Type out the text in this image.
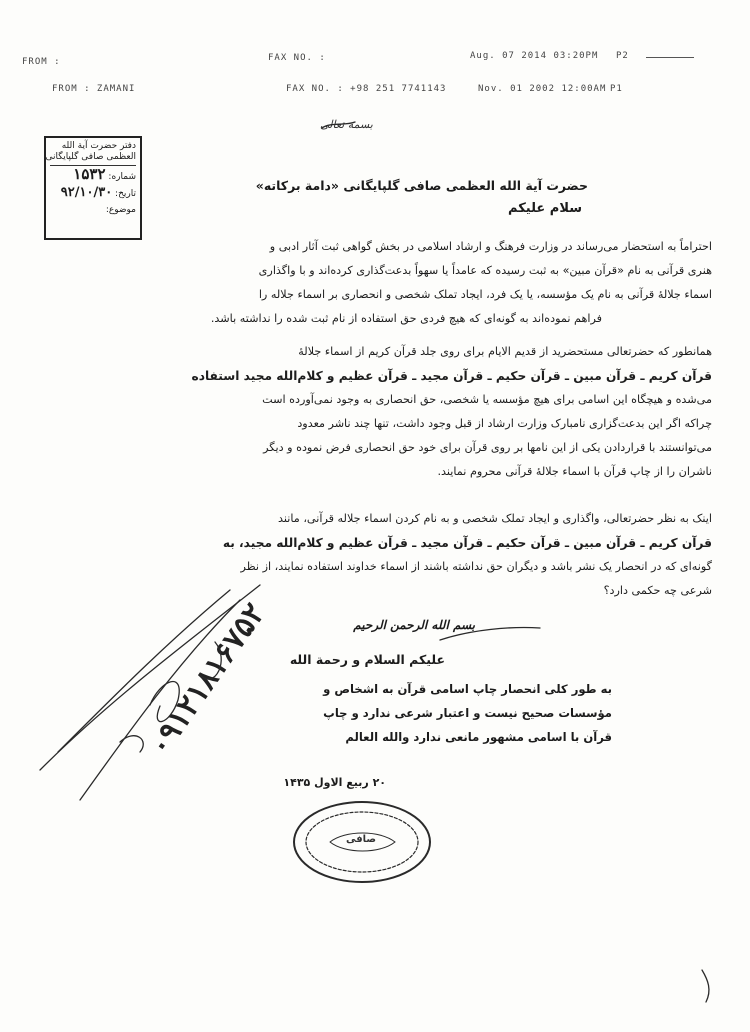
FROM :	FAX NO. :	Aug. 07 2014 03:20PM P2
FROM : ZAMANI	FAX NO. : +98 251 7741143	Nov. 01 2002 12:00AM P1
بسمه تعالی
دفتر حضرت آیة الله
العظمی صافی گلپایگانی
شماره: ۱۵۳۲
تاریخ: ۹۲/۱۰/۳۰
موضوع:
حضرت آية الله العظمى صافى گلپايگانى «دامة بركاته»
سلام عليكم
احتراماً به استحضار می‌رساند در وزارت فرهنگ و ارشاد اسلامی در بخش گواهی ثبت آثار ادبی و
هنری قرآنی به نام «قرآن مبین» به ثبت رسیده که عامداً یا سهواً بدعت‌گذاری کرده‌اند و با واگذاری
اسماء جلالهٔ قرآنی به نام یک مؤسسه، یا یک فرد، ایجاد تملک شخصی و انحصاری بر اسماء جلاله را
فراهم نموده‌اند به گونه‌ای که هیچ فردی حق استفاده از نام ثبت شده را نداشته باشد.
همانطور که حضرتعالی مستحضرید از قدیم الایام برای روی جلد قرآن کریم از اسماء جلالهٔ
قرآن کریم ـ قرآن مبین ـ قرآن حکیم ـ قرآن مجید ـ قرآن عظیم و کلام‌الله مجید استفاده
می‌شده و هیچگاه این اسامی برای هیچ مؤسسه یا شخصی، حق انحصاری به وجود نمی‌آورده است
چراکه اگر این بدعت‌گزاری نامبارک وزارت ارشاد از قبل وجود داشت، تنها چند ناشر معدود
می‌توانستند با قراردادن یکی از این نامها بر روی قرآن برای خود حق انحصاری فرض نموده و دیگر
ناشران را از چاپ قرآن با اسماء جلالهٔ قرآنی محروم نمایند.
اینک به نظر حضرتعالی، واگذاری و ایجاد تملک شخصی و به نام کردن اسماء جلاله قرآنی، مانند
قرآن کریم ـ قرآن مبین ـ قرآن حکیم ـ قرآن مجید ـ قرآن عظیم و کلام‌الله مجید، به
گونه‌ای که در انحصار یک نشر باشد و دیگران حق نداشته باشند از اسماء خداوند استفاده نمایند، از نظر
شرعی چه حکمی دارد؟
بسم الله الرحمن الرحیم
علیکم السلام و رحمة الله
به طور کلی انحصار چاپ اسامی قرآن به اشخاص و
مؤسسات صحیح نیست و اعتبار شرعی ندارد و چاپ
قرآن با اسامی مشهور مانعی ندارد والله العالم
۲۰ ربیع الاول ۱۴۳۵
۰۹۱۲۱۸۱۶۷۵۲
صافی
